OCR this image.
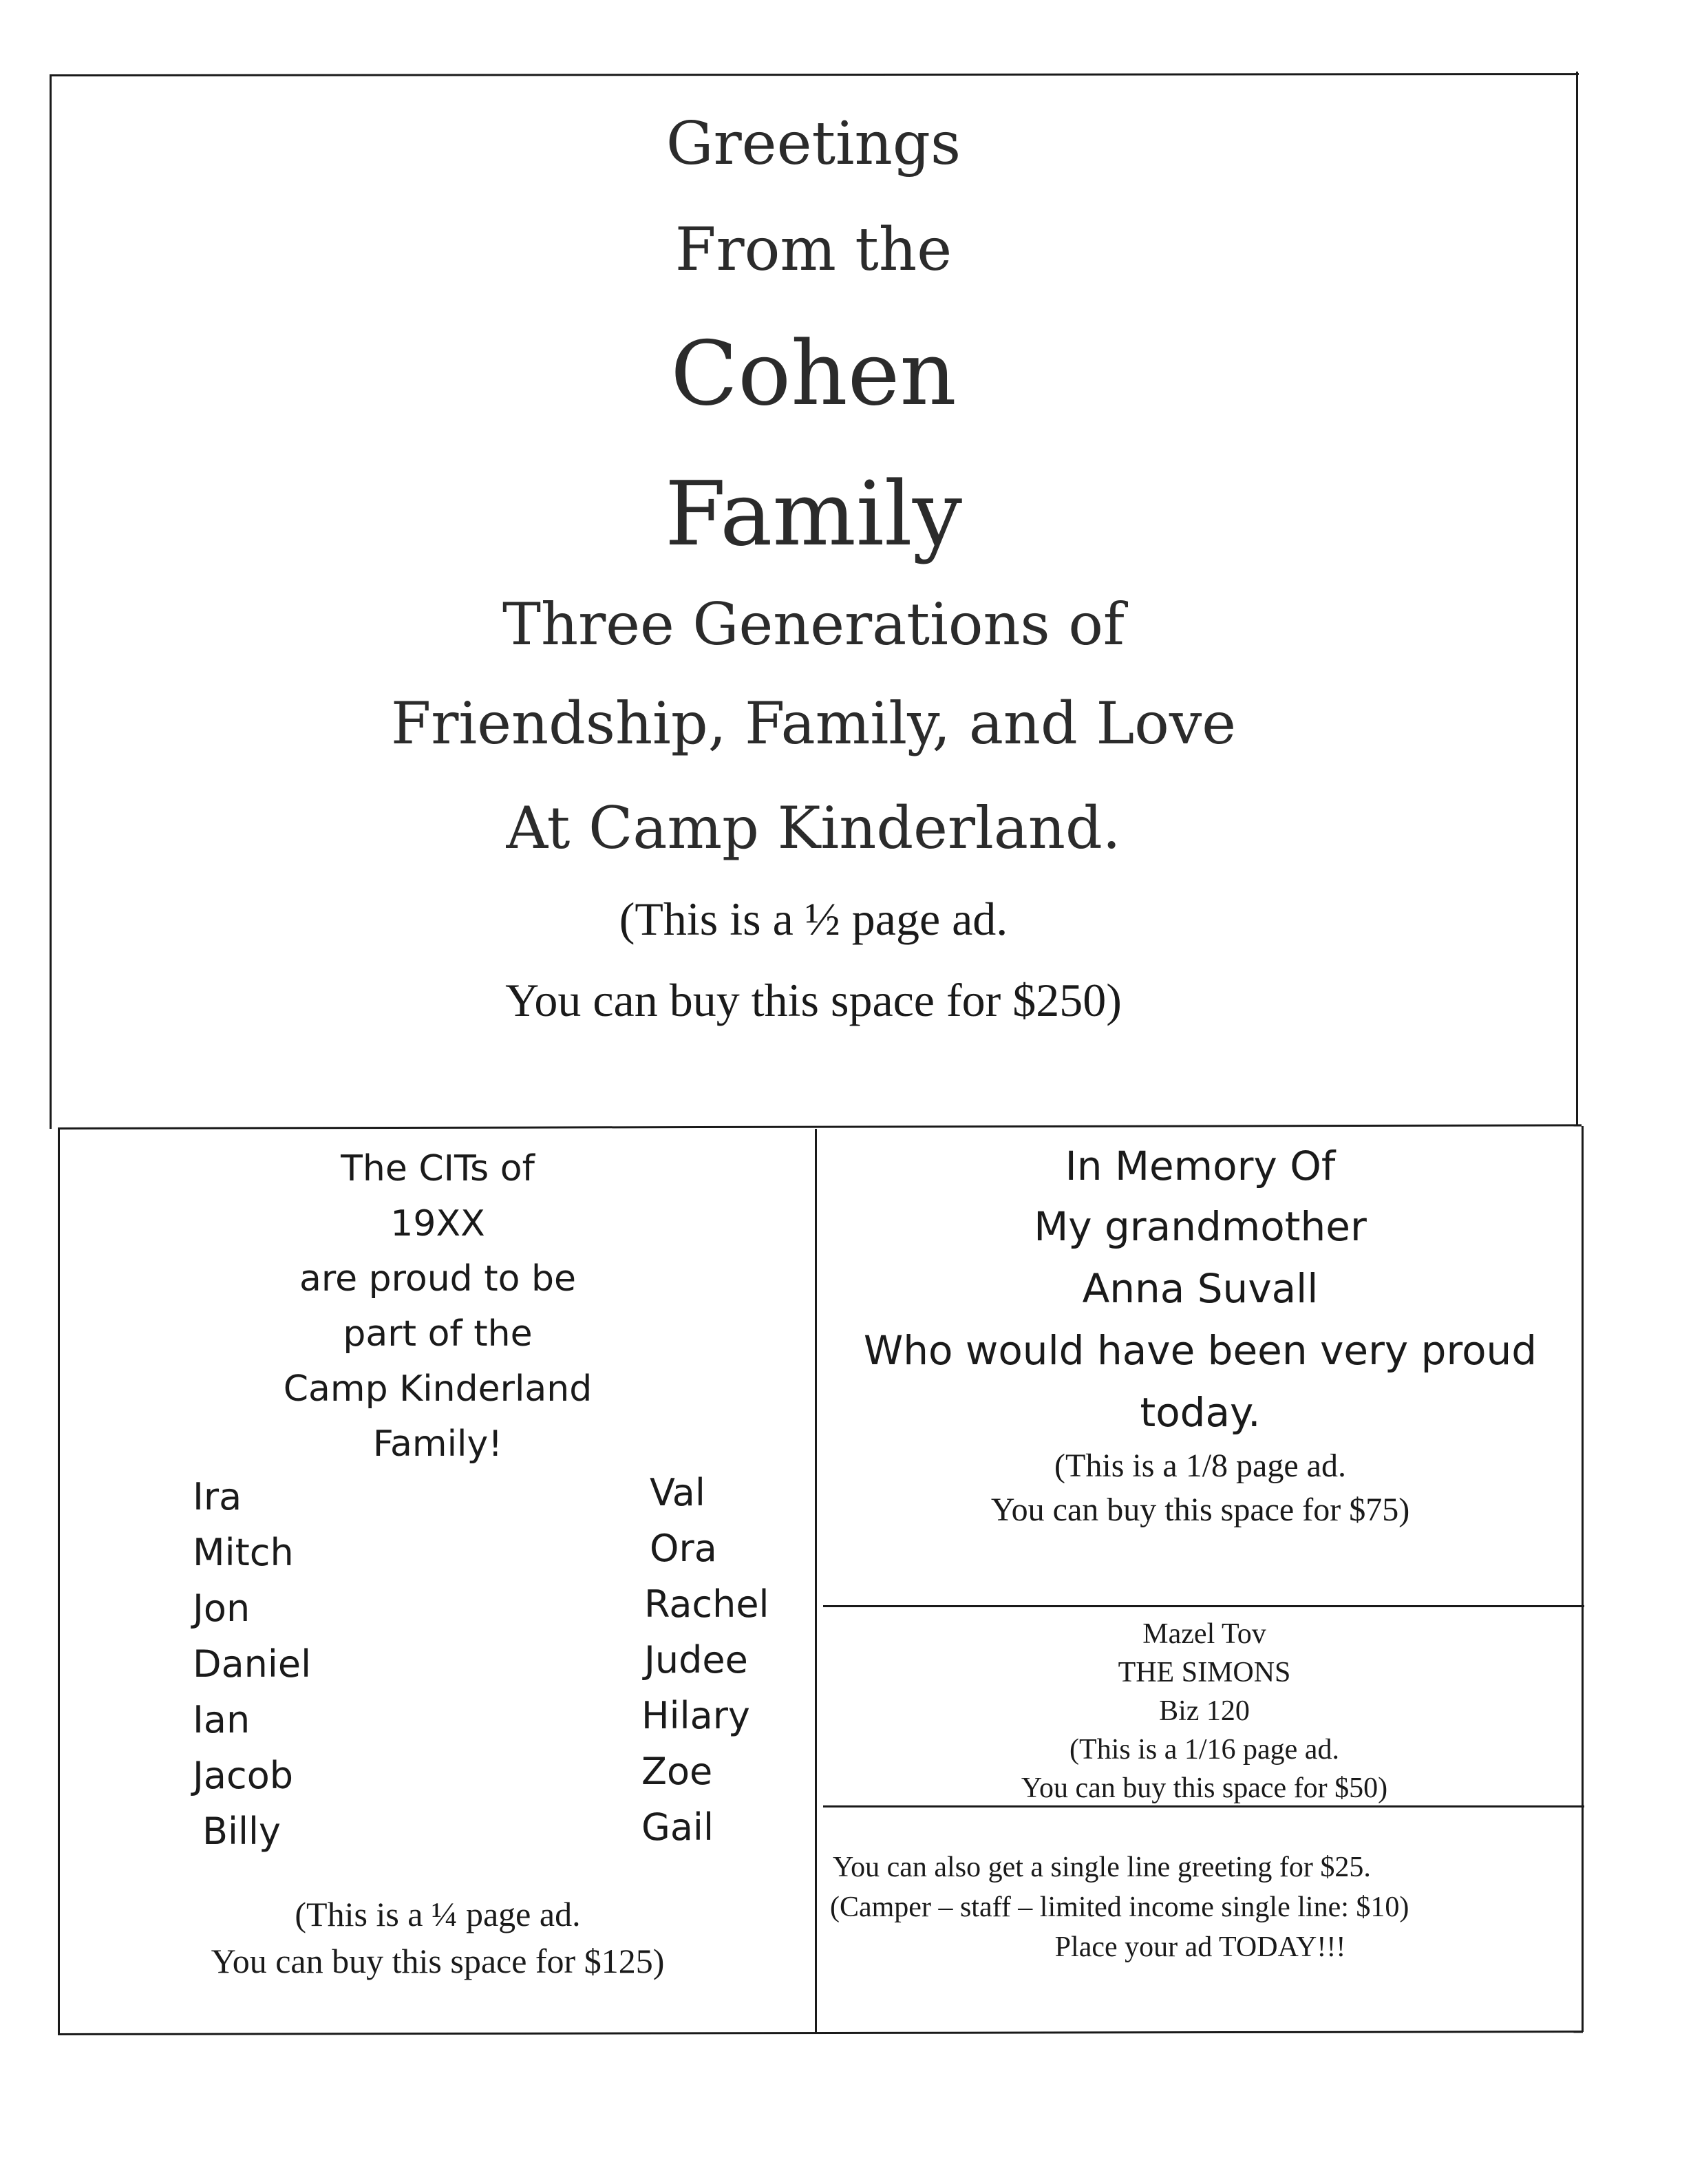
Greetings

From the

Cohen

Family

Three Generations of

Friendship, Family, and Love

At Camp Kinderland.

(This is a ½ page ad.

You can buy this space for $250)

The CITs of

19XX

are proud to be

part of the

Camp Kinderland

Family!

Ira
Mitch
Jon
Daniel
Ian
Jacob
Billy
Val
Ora
Rachel
Judee
Hilary
Zoe
Gail

(This is a ¼ page ad.

You can buy this space for $125)

In Memory Of

My grandmother

Anna Suvall

Who would have been very proud

today.

(This is a 1/8 page ad.

You can buy this space for $75)

Mazel Tov

THE SIMONS

Biz 120

(This is a 1/16 page ad.

You can buy this space for $50)

You can also get a single line greeting for $25.

(Camper – staff – limited income single line: $10)

Place your ad TODAY!!!
